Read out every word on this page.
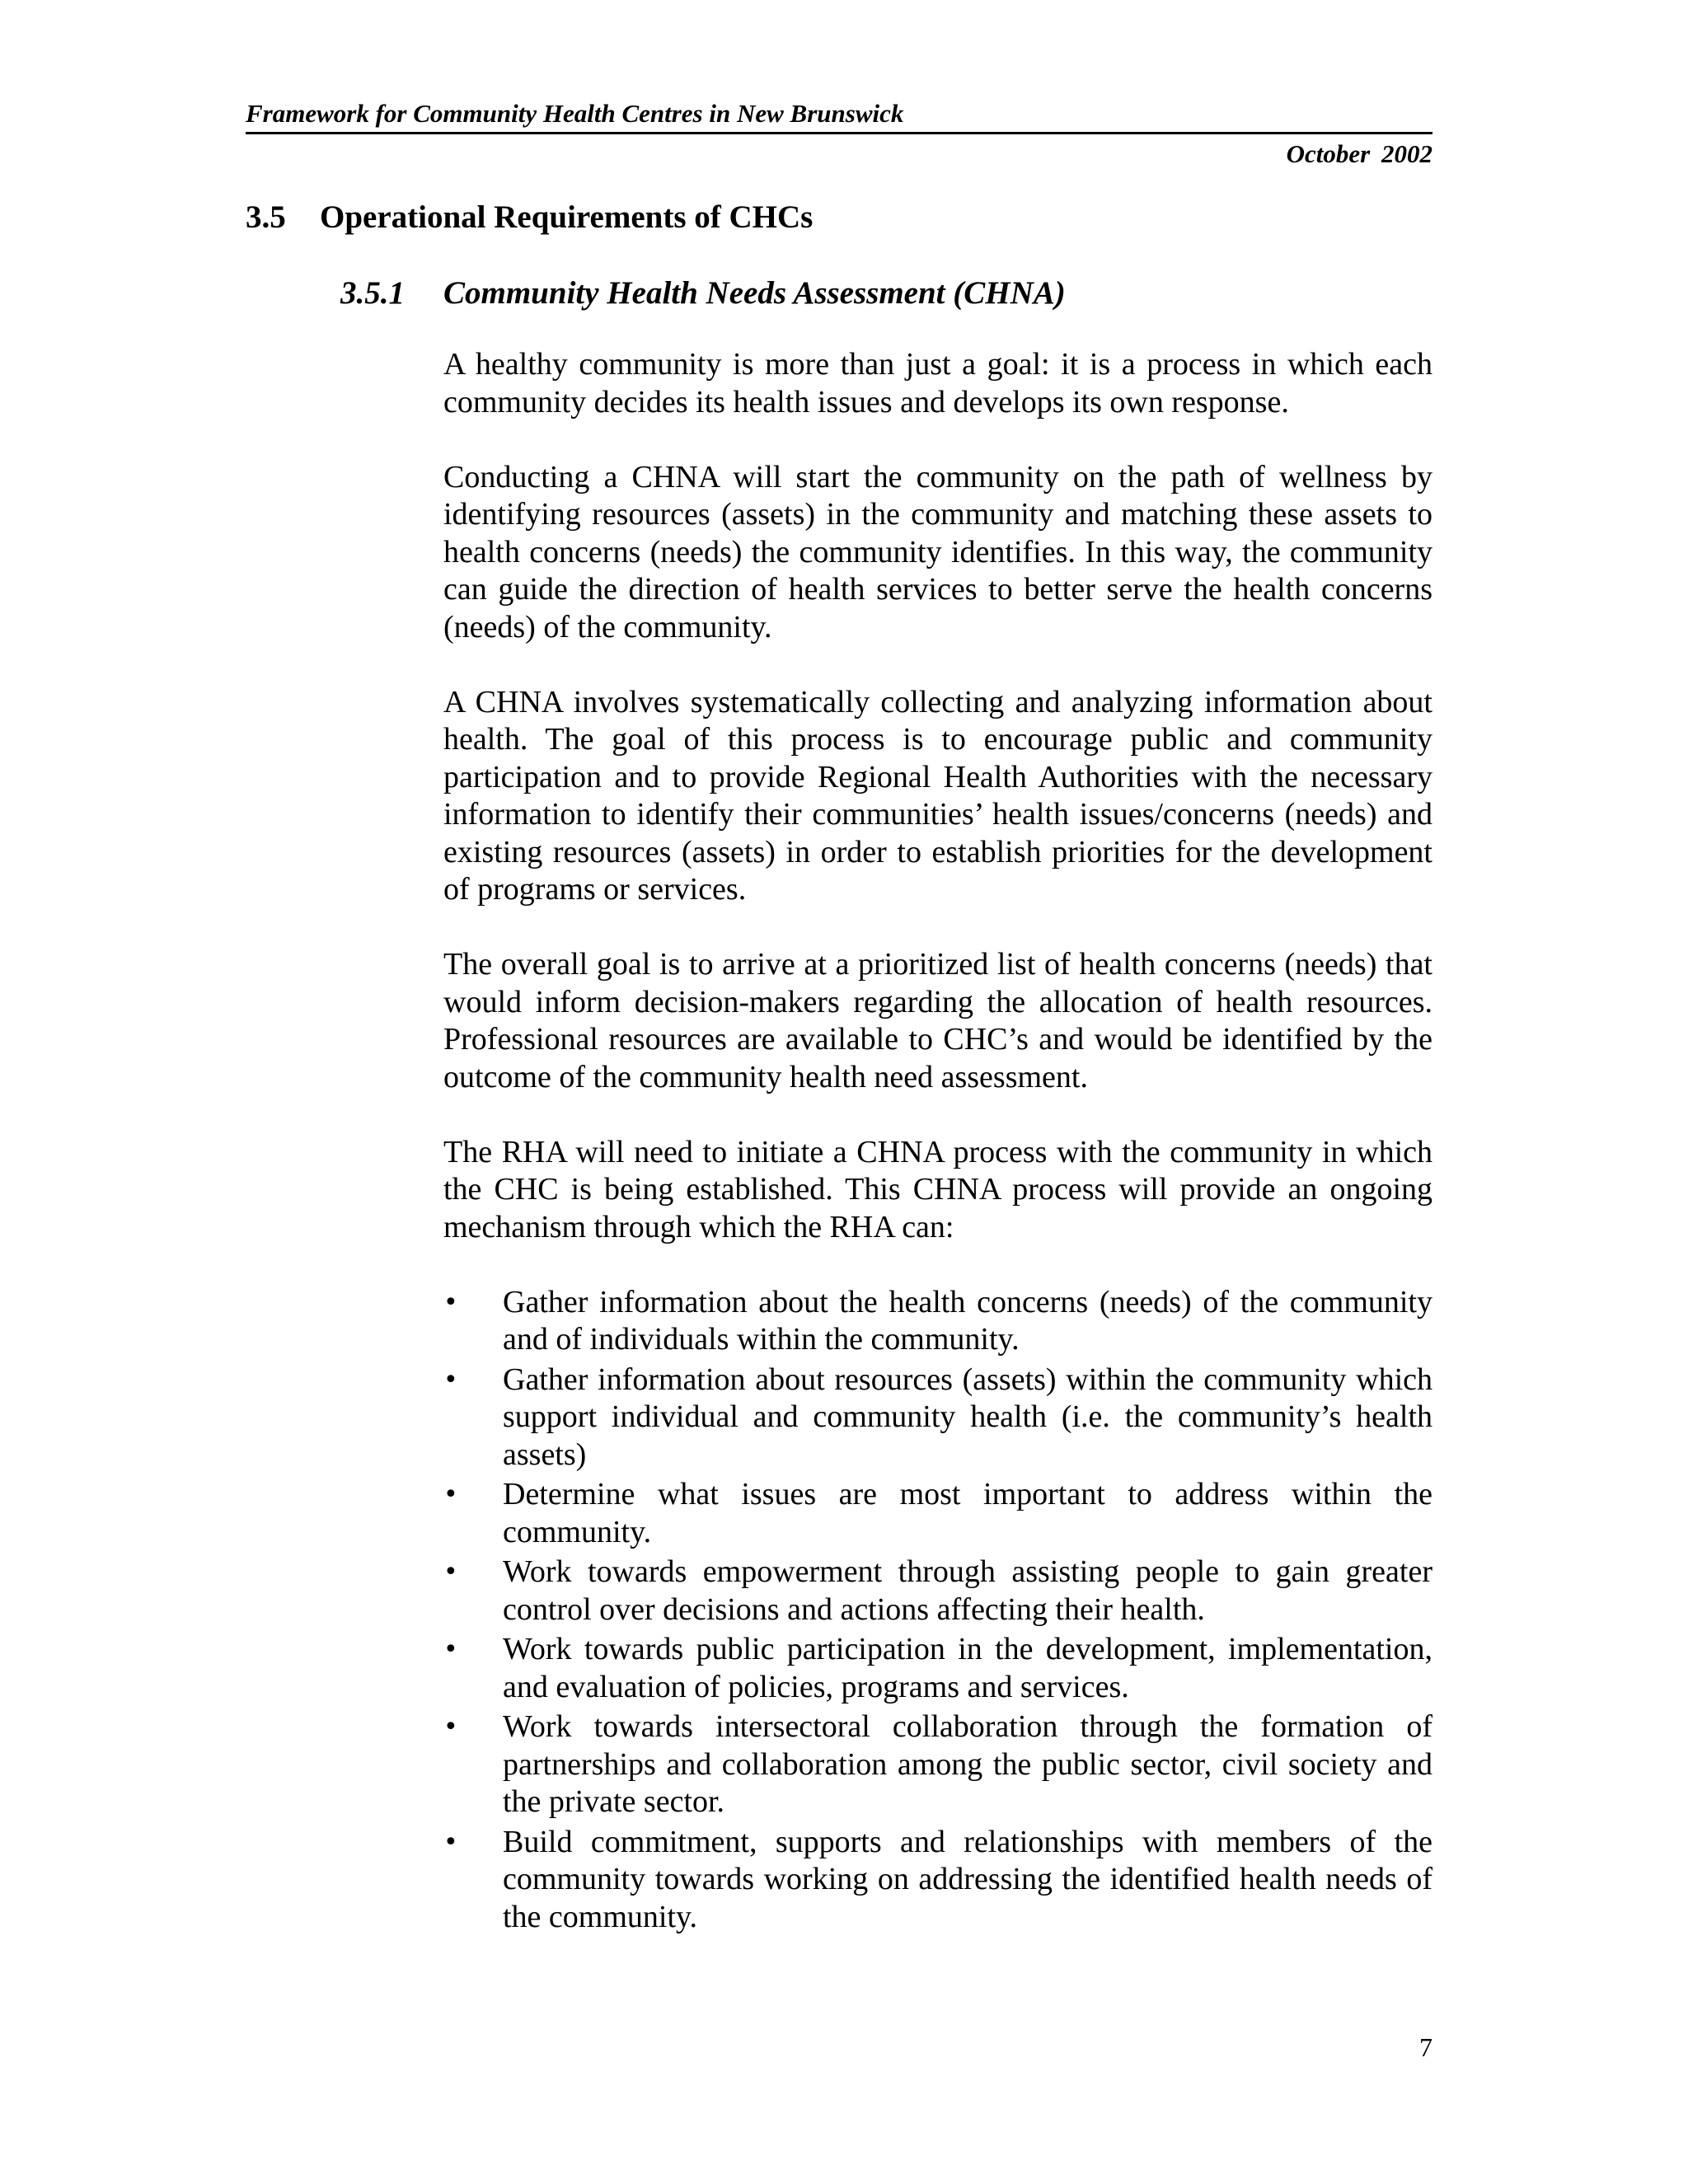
Framework for Community Health Centres in New Brunswick
October 2002
3.5 Operational Requirements of CHCs
3.5.1 Community Health Needs Assessment (CHNA)

A healthy community is more than just a goal: it is a process in which each community decides its health issues and develops its own response.

Conducting a CHNA will start the community on the path of wellness by identifying resources (assets) in the community and matching these assets to health concerns (needs) the community identifies. In this way, the community can guide the direction of health services to better serve the health concerns (needs) of the community.

A CHNA involves systematically collecting and analyzing information about health. The goal of this process is to encourage public and community participation and to provide Regional Health Authorities with the necessary information to identify their communities’ health issues/concerns (needs) and existing resources (assets) in order to establish priorities for the development of programs or services.

The overall goal is to arrive at a prioritized list of health concerns (needs) that would inform decision-makers regarding the allocation of health resources. Professional resources are available to CHC’s and would be identified by the outcome of the community health need assessment.

The RHA will need to initiate a CHNA process with the community in which the CHC is being established. This CHNA process will provide an ongoing mechanism through which the RHA can:

• Gather information about the health concerns (needs) of the community and of individuals within the community.
• Gather information about resources (assets) within the community which support individual and community health (i.e. the community’s health assets)
• Determine what issues are most important to address within the community.
• Work towards empowerment through assisting people to gain greater control over decisions and actions affecting their health.
• Work towards public participation in the development, implementation, and evaluation of policies, programs and services.
• Work towards intersectoral collaboration through the formation of partnerships and collaboration among the public sector, civil society and the private sector.
• Build commitment, supports and relationships with members of the community towards working on addressing the identified health needs of the community.
7
